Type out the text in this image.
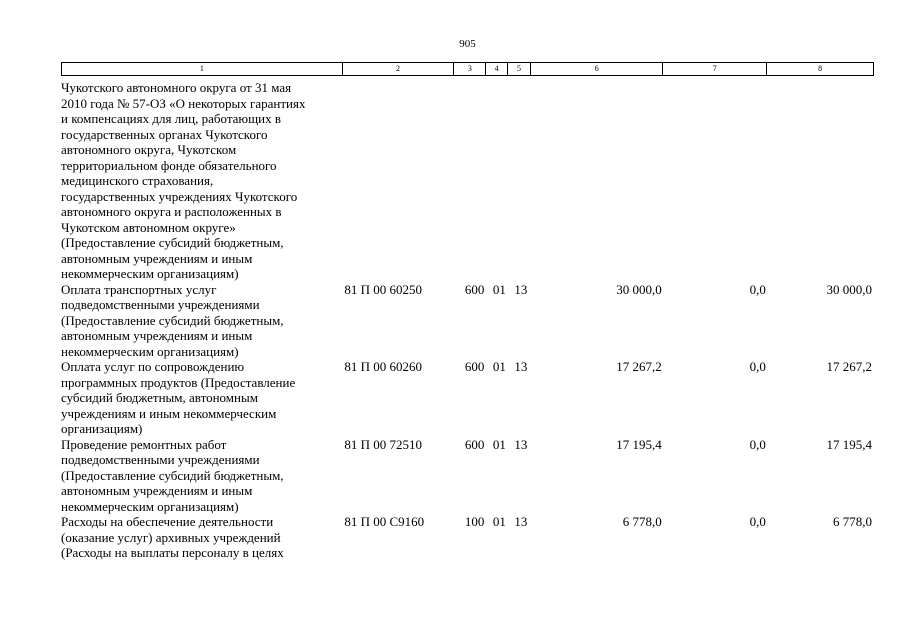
905
1	2	3	4	5	6	7	8
Чукотского автономного округа от 31 мая
2010 года № 57-ОЗ «О некоторых гарантиях
и компенсациях для лиц, работающих в
государственных органах Чукотского
автономного округа, Чукотском
территориальном фонде обязательного
медицинского страхования,
государственных учреждениях Чукотского
автономного округа и расположенных в
Чукотском автономном округе»
(Предоставление субсидий бюджетным,
автономным учреждениям и иным
некоммерческим организациям)
Оплата транспортных услуг
подведомственными учреждениями
(Предоставление субсидий бюджетным,
автономным учреждениям и иным
некоммерческим организациям)
81 П 00 60250	600 01 13	30 000,0	0,0	30 000,0
Оплата услуг по сопровождению
программных продуктов (Предоставление
субсидий бюджетным, автономным
учреждениям и иным некоммерческим
организациям)
81 П 00 60260	600 01 13	17 267,2	0,0	17 267,2
Проведение ремонтных работ
подведомственными учреждениями
(Предоставление субсидий бюджетным,
автономным учреждениям и иным
некоммерческим организациям)
81 П 00 72510	600 01 13	17 195,4	0,0	17 195,4
Расходы на обеспечение деятельности
(оказание услуг) архивных учреждений
(Расходы на выплаты персоналу в целях
81 П 00 С9160	100 01 13	6 778,0	0,0	6 778,0
